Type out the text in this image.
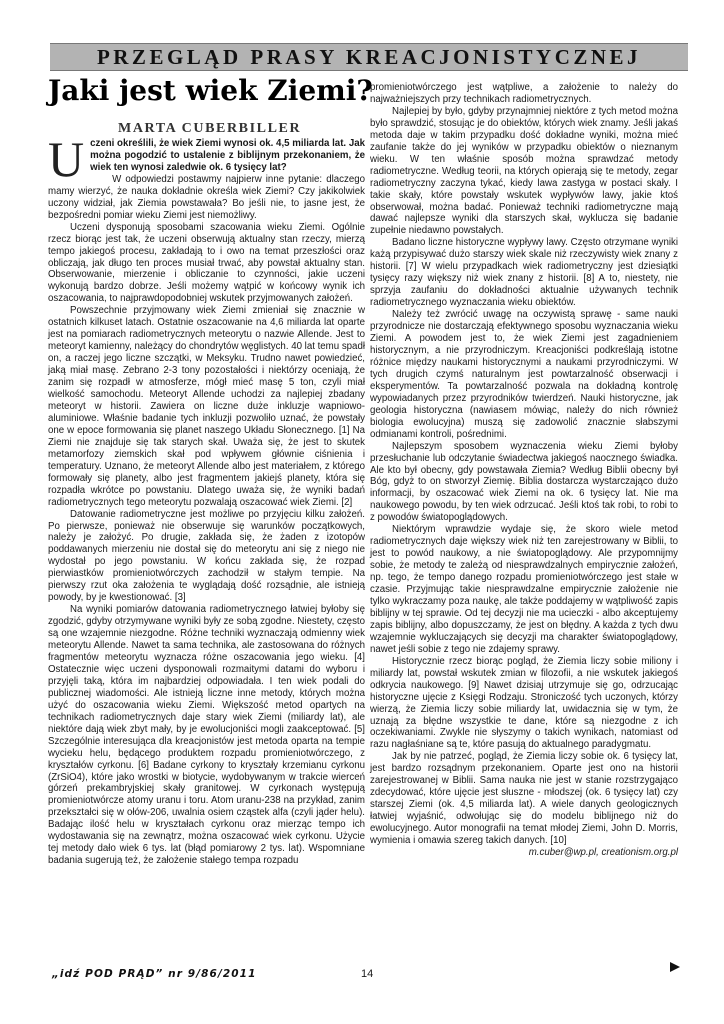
PRZEGLĄD PRASY KREACJONISTYCZNEJ
Jaki jest wiek Ziemi?
MARTA CUBERBILLER

Uczeni określili, że wiek Ziemi wynosi ok. 4,5 miliarda lat. Jak można pogodzić to ustalenie z biblijnym przekonaniem, że wiek ten wynosi zaledwie ok. 6 tysięcy lat?

W odpowiedzi postawmy najpierw inne pytanie: dlaczego mamy wierzyć, że nauka dokładnie określa wiek Ziemi? Czy jakikolwiek uczony widział, jak Ziemia powstawała? Bo jeśli nie, to jasne jest, że bezpośredni pomiar wieku Ziemi jest niemożliwy.

Uczeni dysponują sposobami szacowania wieku Ziemi. Ogólnie rzecz biorąc jest tak, że uczeni obserwują aktualny stan rzeczy, mierzą tempo jakiegoś procesu, zakładają to i owo na temat przeszłości oraz obliczają, jak długo ten proces musiał trwać, aby powstał aktualny stan. Obserwowanie, mierzenie i obliczanie to czynności, jakie uczeni wykonują bardzo dobrze. Jeśli możemy wątpić w końcowy wynik ich oszacowania, to najprawdopodobniej wskutek przyjmowanych założeń.

Powszechnie przyjmowany wiek Ziemi zmieniał się znacznie w ostatnich kilkuset latach. Ostatnie oszacowanie na 4,6 miliarda lat oparte jest na pomiarach radiometrycznych meteorytu o nazwie Allende. Jest to meteoryt kamienny, należący do chondrytów węglistych. 40 lat temu spadł on, a raczej jego liczne szczątki, w Meksyku. Trudno nawet powiedzieć, jaką miał masę. Zebrano 2-3 tony pozostałości i niektórzy oceniają, że zanim się rozpadł w atmosferze, mógł mieć masę 5 ton, czyli miał wielkość samochodu. Meteoryt Allende uchodzi za najlepiej zbadany meteoryt w historii. Zawiera on liczne duże inkluzje wapniowo-aluminiowe. Właśnie badanie tych inkluzji pozwoliło uznać, że powstały one w epoce formowania się planet naszego Układu Słonecznego. [1] Na Ziemi nie znajduje się tak starych skał. Uważa się, że jest to skutek metamorfozy ziemskich skał pod wpływem głównie ciśnienia i temperatury. Uznano, że meteoryt Allende albo jest materiałem, z którego formowały się planety, albo jest fragmentem jakiejś planety, która się rozpadła wkrótce po powstaniu. Dlatego uważa się, że wyniki badań radiometrycznych tego meteorytu pozwalają oszacować wiek Ziemi. [2]

Datowanie radiometryczne jest możliwe po przyjęciu kilku założeń. Po pierwsze, ponieważ nie obserwuje się warunków początkowych, należy je założyć. Po drugie, zakłada się, że żaden z izotopów poddawanych mierzeniu nie dostał się do meteorytu ani się z niego nie wydostał po jego powstaniu. W końcu zakłada się, że rozpad pierwiastków promieniotwórczych zachodził w stałym tempie. Na pierwszy rzut oka założenia te wyglądają dość rozsądnie, ale istnieją powody, by je kwestionować. [3]

Na wyniki pomiarów datowania radiometrycznego łatwiej byłoby się zgodzić, gdyby otrzymywane wyniki były ze sobą zgodne. Niestety, często są one wzajemnie niezgodne. Różne techniki wyznaczają odmienny wiek meteorytu Allende. Nawet ta sama technika, ale zastosowana do różnych fragmentów meteorytu wyznacza różne oszacowania jego wieku. [4] Ostatecznie więc uczeni dysponowali rozmaitymi datami do wyboru i przyjęli taką, która im najbardziej odpowiadała. I ten wiek podali do publicznej wiadomości. Ale istnieją liczne inne metody, których można użyć do oszacowania wieku Ziemi. Większość metod opartych na technikach radiometrycznych daje stary wiek Ziemi (miliardy lat), ale niektóre dają wiek zbyt mały, by je ewolucjoniści mogli zaakceptować. [5] Szczególnie interesująca dla kreacjonistów jest metoda oparta na tempie wycieku helu, będącego produktem rozpadu promieniotwórczego, z kryształów cyrkonu. [6] Badane cyrkony to kryształy krzemianu cyrkonu (ZrSiO4), które jako wrostki w biotycie, wydobywanym w trakcie wierceń górzeń prekambryjskiej skały granitowej. W cyrkonach występują promieniotwórcze atomy uranu i toru. Atom uranu-238 na przykład, zanim przekształci się w ołów-206, uwalnia osiem cząstek alfa (czyli jąder helu). Badając ilość helu w kryształach cyrkonu oraz mierząc tempo ich wydostawania się na zewnątrz, można oszacować wiek cyrkonu. Użycie tej metody dało wiek 6 tys. lat (błąd pomiarowy 2 tys. lat). Wspomniane badania sugerują też, że założenie stałego tempa rozpadu

promieniotwórczego jest wątpliwe, a założenie to należy do najważniejszych przy technikach radiometrycznych.

Najlepiej by było, gdyby przynajmniej niektóre z tych metod można było sprawdzić, stosując je do obiektów, których wiek znamy. Jeśli jakaś metoda daje w takim przypadku dość dokładne wyniki, można mieć zaufanie także do jej wyników w przypadku obiektów o nieznanym wieku. W ten właśnie sposób można sprawdzać metody radiometryczne. Według teorii, na których opierają się te metody, zegar radiometryczny zaczyna tykać, kiedy lawa zastyga w postaci skały. I takie skały, które powstały wskutek wypływów lawy, jakie ktoś obserwował, można badać. Ponieważ techniki radiometryczne mają dawać najlepsze wyniki dla starszych skał, wyklucza się badanie zupełnie niedawno powstałych.

Badano liczne historyczne wypływy lawy. Często otrzymane wyniki każą przypisywać dużo starszy wiek skale niż rzeczywisty wiek znany z historii. [7] W wielu przypadkach wiek radiometryczny jest dziesiątki tysięcy razy większy niż wiek znany z historii. [8] A to, niestety, nie sprzyja zaufaniu do dokładności aktualnie używanych technik radiometrycznego wyznaczania wieku obiektów.

Należy też zwrócić uwagę na oczywistą sprawę - same nauki przyrodnicze nie dostarczają efektywnego sposobu wyznaczania wieku Ziemi. A powodem jest to, że wiek Ziemi jest zagadnieniem historycznym, a nie przyrodniczym. Kreacjoniści podkreślają istotne różnice między naukami historycznymi a naukami przyrodniczymi. W tych drugich czymś naturalnym jest powtarzalność obserwacji i eksperymentów. Ta powtarzalność pozwala na dokładną kontrolę wypowiadanych przez przyrodników twierdzeń. Nauki historyczne, jak geologia historyczna (nawiasem mówiąc, należy do nich również biologia ewolucyjna) muszą się zadowolić znacznie słabszymi odmianami kontroli, pośrednimi.

Najlepszym sposobem wyznaczenia wieku Ziemi byłoby przesłuchanie lub odczytanie świadectwa jakiegoś naocznego świadka. Ale kto był obecny, gdy powstawała Ziemia? Według Biblii obecny był Bóg, gdyż to on stworzył Ziemię. Biblia dostarcza wystarczająco dużo informacji, by oszacować wiek Ziemi na ok. 6 tysięcy lat. Nie ma naukowego powodu, by ten wiek odrzucać. Jeśli ktoś tak robi, to robi to z powodów światopoglądowych.

Niektórym wprawdzie wydaje się, że skoro wiele metod radiometrycznych daje większy wiek niż ten zarejestrowany w Biblii, to jest to powód naukowy, a nie światopoglądowy. Ale przypomnijmy sobie, że metody te zależą od niesprawdzalnych empirycznie założeń, np. tego, że tempo danego rozpadu promieniotwórczego jest stałe w czasie. Przyjmując takie niesprawdzalne empirycznie założenie nie tylko wykraczamy poza naukę, ale także poddajemy w wątpliwość zapis biblijny w tej sprawie. Od tej decyzji nie ma ucieczki - albo akceptujemy zapis biblijny, albo dopuszczamy, że jest on błędny. A każda z tych dwu wzajemnie wykluczających się decyzji ma charakter światopoglądowy, nawet jeśli sobie z tego nie zdajemy sprawy.

Historycznie rzecz biorąc pogląd, że Ziemia liczy sobie miliony i miliardy lat, powstał wskutek zmian w filozofii, a nie wskutek jakiegoś odkrycia naukowego. [9] Nawet dzisiaj utrzymuje się go, odrzucając historyczne ujęcie z Księgi Rodzaju. Stroniczość tych uczonych, którzy wierzą, że Ziemia liczy sobie miliardy lat, uwidacznia się w tym, że uznają za błędne wszystkie te dane, które są niezgodne z ich oczekiwaniami. Zwykle nie słyszymy o takich wynikach, natomiast od razu nagłaśniane są te, które pasują do aktualnego paradygmatu.

Jak by nie patrzeć, pogląd, że Ziemia liczy sobie ok. 6 tysięcy lat, jest bardzo rozsądnym przekonaniem. Oparte jest ono na historii zarejestrowanej w Biblii. Sama nauka nie jest w stanie rozstrzygająco zdecydować, które ujęcie jest słuszne - młodszej (ok. 6 tysięcy lat) czy starszej Ziemi (ok. 4,5 miliarda lat). A wiele danych geologicznych łatwiej wyjaśnić, odwołując się do modelu biblijnego niż do ewolucyjnego. Autor monografii na temat młodej Ziemi, John D. Morris, wymienia i omawia szereg takich danych. [10]

m.cuber@wp.pl, creationism.org.pl

„idź POD PRĄD” nr 9/86/2011	14
